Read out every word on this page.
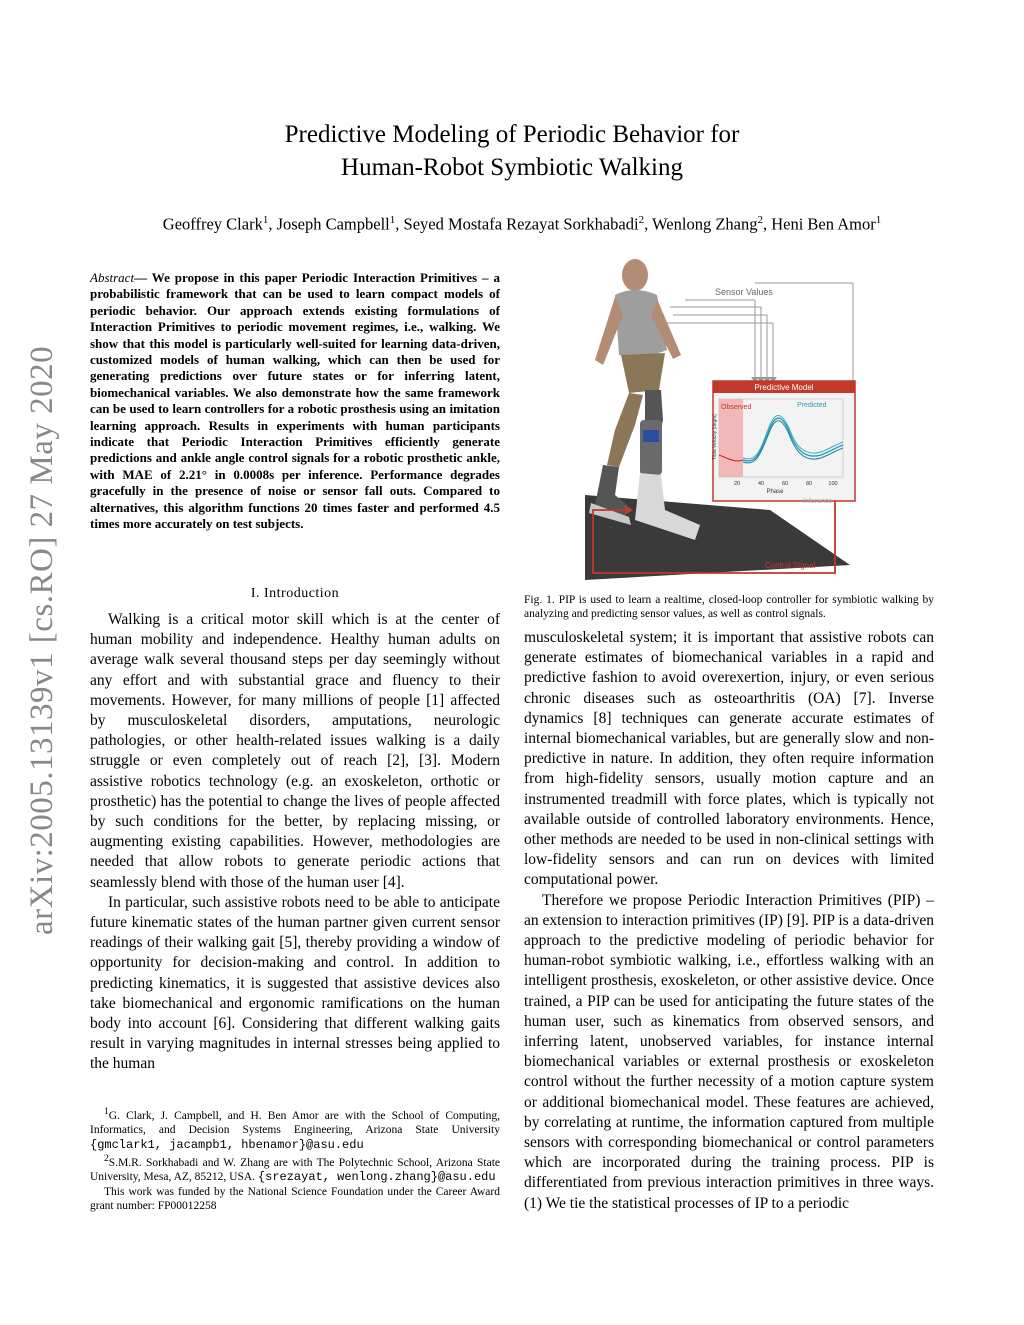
arXiv:2005.13139v1 [cs.RO] 27 May 2020
Predictive Modeling of Periodic Behavior for
Human-Robot Symbiotic Walking
Geoffrey Clark$^1$, Joseph Campbell$^1$, Seyed Mostafa Rezayat Sorkhabadi$^2$, Wenlong Zhang$^2$, Heni Ben Amor$^1$
Abstract— We propose in this paper Periodic Interaction Primitives – a probabilistic framework that can be used to learn compact models of periodic behavior. Our approach extends existing formulations of Interaction Primitives to periodic movement regimes, i.e., walking. We show that this model is particularly well-suited for learning data-driven, customized models of human walking, which can then be used for generating predictions over future states or for inferring latent, biomechanical variables. We also demonstrate how the same framework can be used to learn controllers for a robotic prosthesis using an imitation learning approach. Results in experiments with human participants indicate that Periodic Interaction Primitives efficiently generate predictions and ankle angle control signals for a robotic prosthetic ankle, with MAE of 2.21° in 0.0008s per inference. Performance degrades gracefully in the presence of noise or sensor fall outs. Compared to alternatives, this algorithm functions 20 times faster and performed 4.5 times more accurately on test subjects.
I. Introduction

Walking is a critical motor skill which is at the center of human mobility and independence. Healthy human adults on average walk several thousand steps per day seemingly without any effort and with substantial grace and fluency to their movements. However, for many millions of people [1] affected by musculoskeletal disorders, amputations, neurologic pathologies, or other health-related issues walking is a daily struggle or even completely out of reach [2], [3]. Modern assistive robotics technology (e.g. an exoskeleton, orthotic or prosthetic) has the potential to change the lives of people affected by such conditions for the better, by replacing missing, or augmenting existing capabilities. However, methodologies are needed that allow robots to generate periodic actions that seamlessly blend with those of the human user [4].

In particular, such assistive robots need to be able to anticipate future kinematic states of the human partner given current sensor readings of their walking gait [5], thereby providing a window of opportunity for decision-making and control. In addition to predicting kinematics, it is suggested that assistive devices also take biomechanical and ergonomic ramifications on the human body into account [6]. Considering that different walking gaits result in varying magnitudes in internal stresses being applied to the human

$^1$G. Clark, J. Campbell, and H. Ben Amor are with the School of Computing, Informatics, and Decision Systems Engineering, Arizona State University {gmclark1, jacampb1, hbenamor}@asu.edu

$^2$S.M.R. Sorkhabadi and W. Zhang are with The Polytechnic School, Arizona State University, Mesa, AZ, 85212, USA. {srezayat, wenlong.zhang}@asu.edu

This work was funded by the National Science Foundation under the Career Award grant number: FP00012258

Sensor Values
Predictive Model
Observed	Predicted
Tibia Velocity [deg/s]
20	40	60	80	100
Phase
Inference
Control Signal
Fig. 1. PIP is used to learn a realtime, closed-loop controller for symbiotic walking by analyzing and predicting sensor values, as well as control signals.

musculoskeletal system; it is important that assistive robots can generate estimates of biomechanical variables in a rapid and predictive fashion to avoid overexertion, injury, or even serious chronic diseases such as osteoarthritis (OA) [7]. Inverse dynamics [8] techniques can generate accurate estimates of internal biomechanical variables, but are generally slow and non-predictive in nature. In addition, they often require information from high-fidelity sensors, usually motion capture and an instrumented treadmill with force plates, which is typically not available outside of controlled laboratory environments. Hence, other methods are needed to be used in non-clinical settings with low-fidelity sensors and can run on devices with limited computational power.

Therefore we propose Periodic Interaction Primitives (PIP) – an extension to interaction primitives (IP) [9]. PIP is a data-driven approach to the predictive modeling of periodic behavior for human-robot symbiotic walking, i.e., effortless walking with an intelligent prosthesis, exoskeleton, or other assistive device. Once trained, a PIP can be used for anticipating the future states of the human user, such as kinematics from observed sensors, and inferring latent, unobserved variables, for instance internal biomechanical variables or external prosthesis or exoskeleton control without the further necessity of a motion capture system or additional biomechanical model. These features are achieved, by correlating at runtime, the information captured from multiple sensors with corresponding biomechanical or control parameters which are incorporated during the training process. PIP is differentiated from previous interaction primitives in three ways. (1) We tie the statistical processes of IP to a periodic
